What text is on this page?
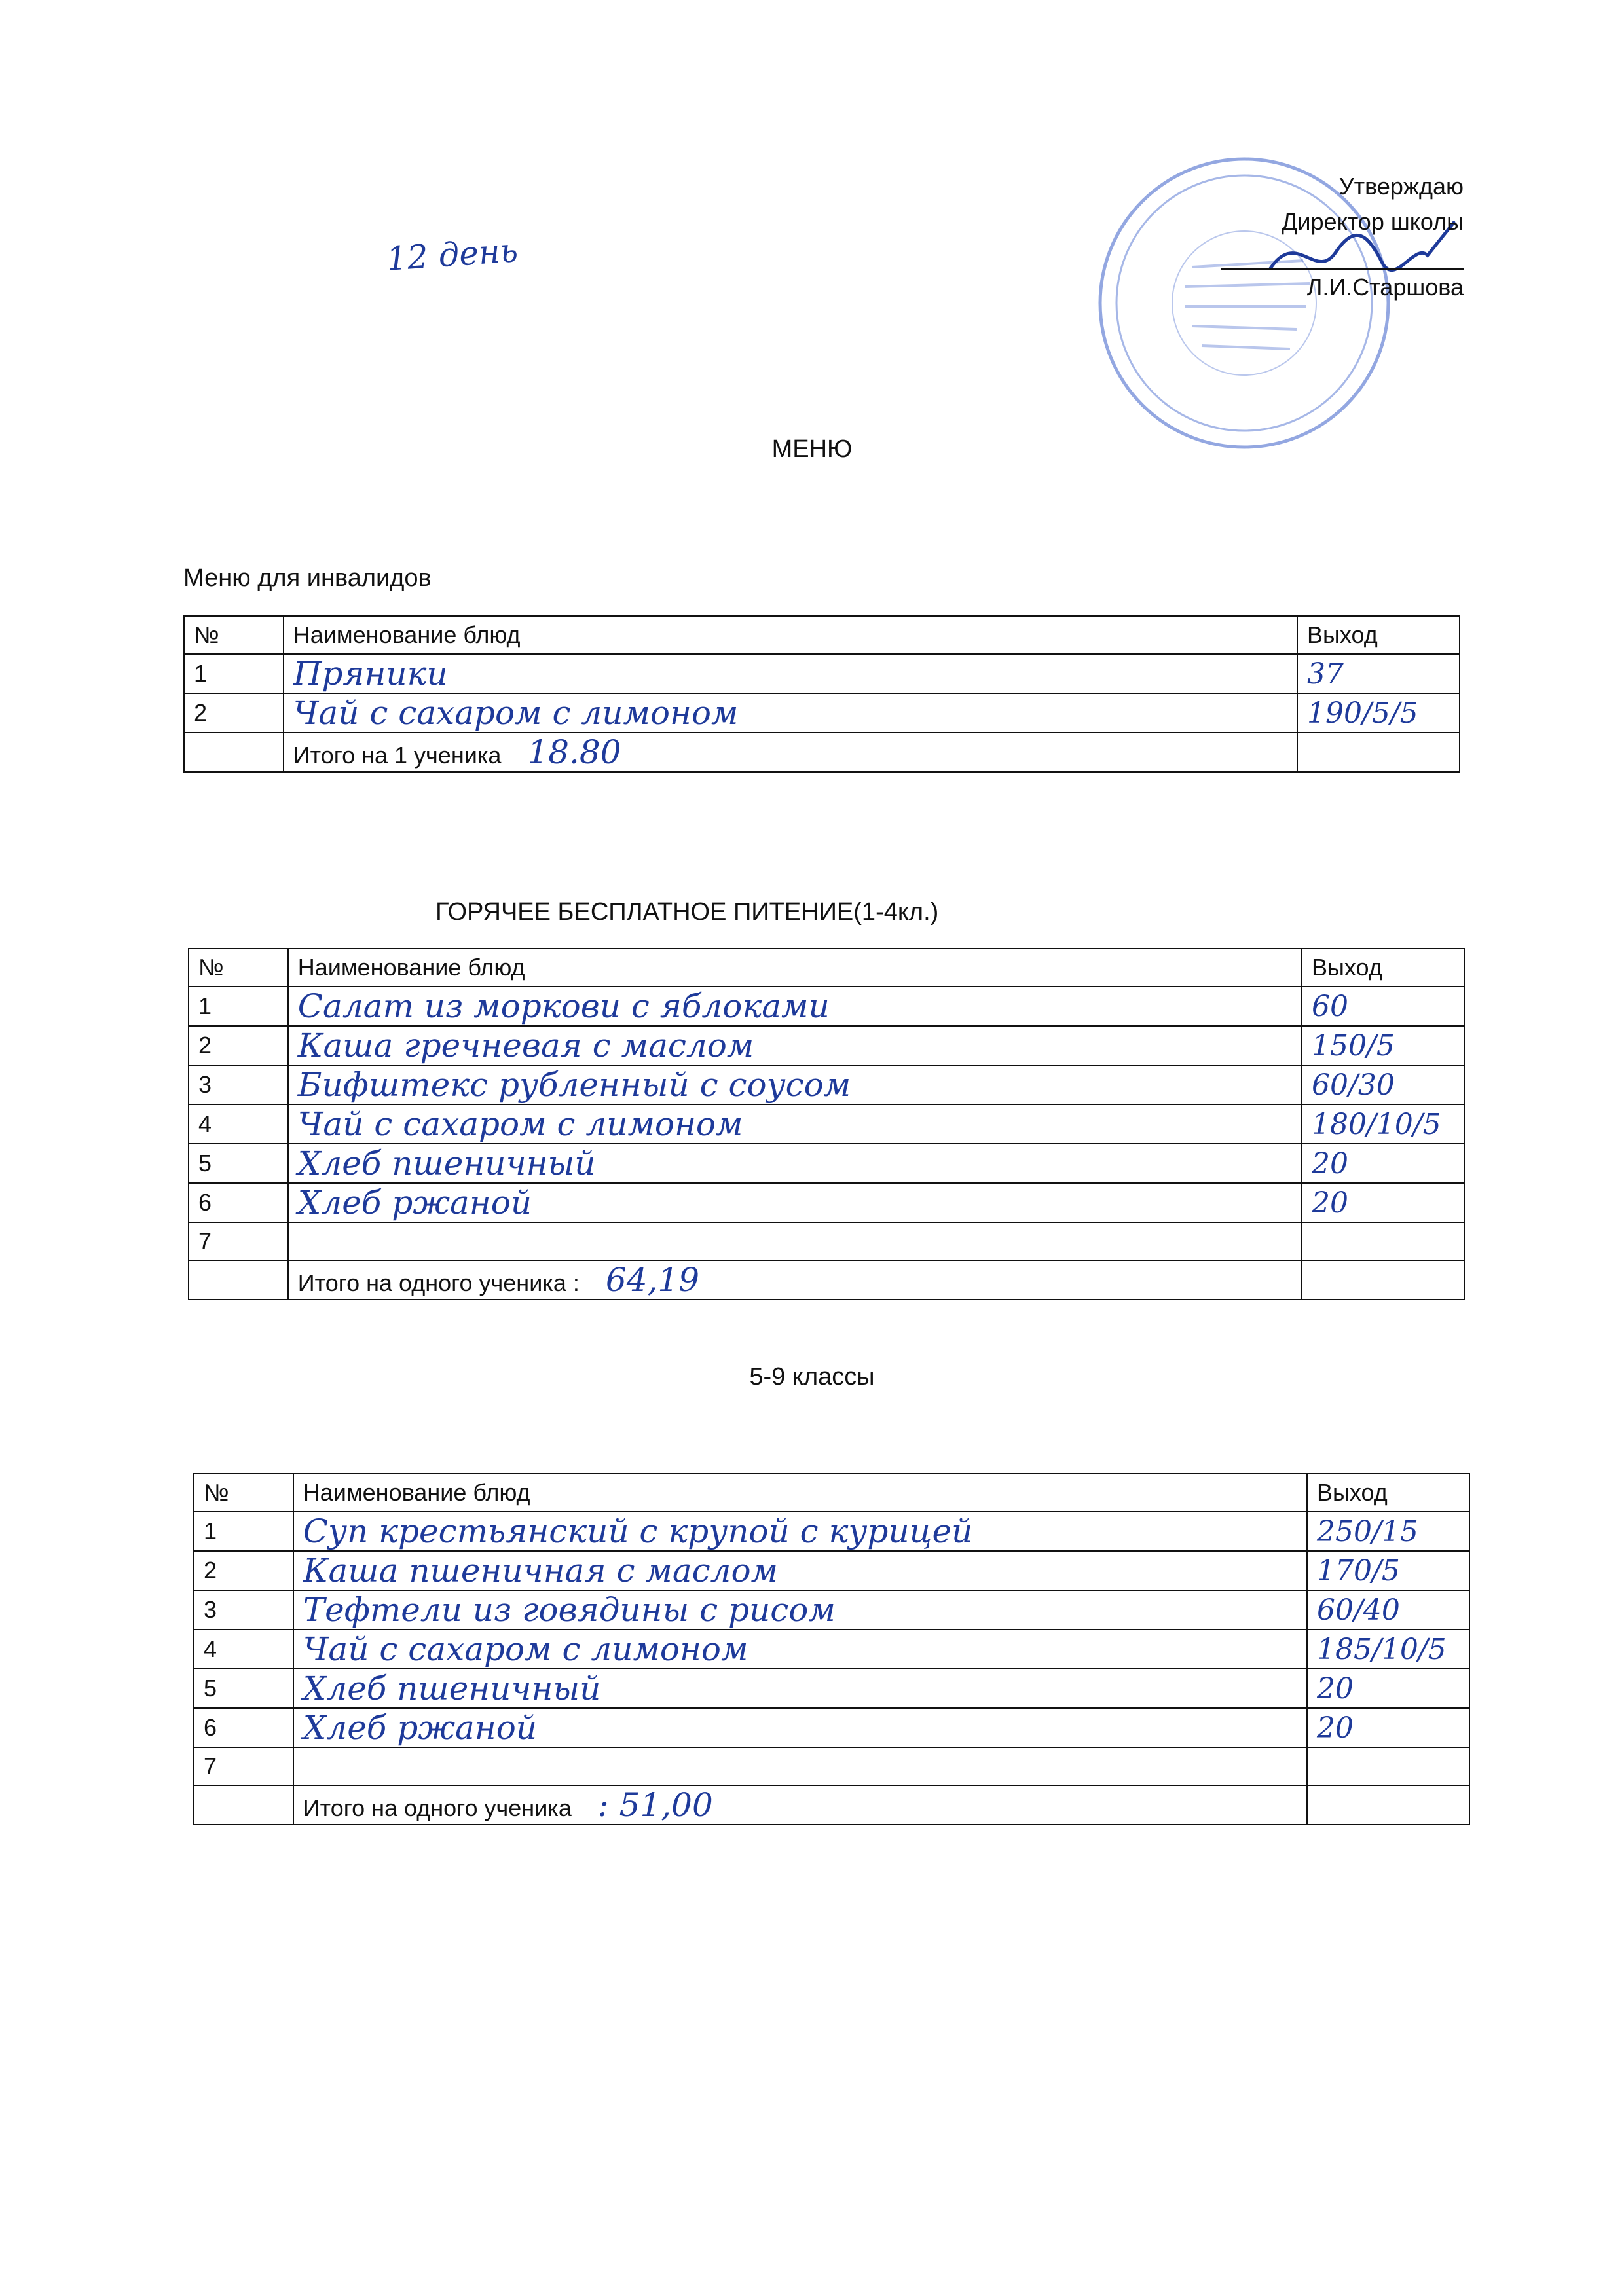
Утверждаю
Директор школы
Л.И.Старшова
12 день
МЕНЮ
Меню для инвалидов
№	Наименование блюд	Выход
1	Пряники	37
2	Чай с сахаром с лимоном	190/5/5
	Итого на 1 ученика 18.80	
ГОРЯЧЕЕ БЕСПЛАТНОЕ ПИТЕНИЕ(1-4кл.)
№	Наименование блюд	Выход
1	Салат из моркови с яблоками	60
2	Каша гречневая с маслом	150/5
3	Бифштекс рубленный с соусом	60/30
4	Чай с сахаром с лимоном	180/10/5
5	Хлеб пшеничный	20
6	Хлеб ржаной	20
7		
	Итого на одного ученика : 64,19	
5-9 классы
№	Наименование блюд	Выход
1	Суп крестьянский с крупой с курицей	250/15
2	Каша пшеничная с маслом	170/5
3	Тефтели из говядины с рисом	60/40
4	Чай с сахаром с лимоном	185/10/5
5	Хлеб пшеничный	20
6	Хлеб ржаной	20
7		
	Итого на одного ученика : 51,00	
